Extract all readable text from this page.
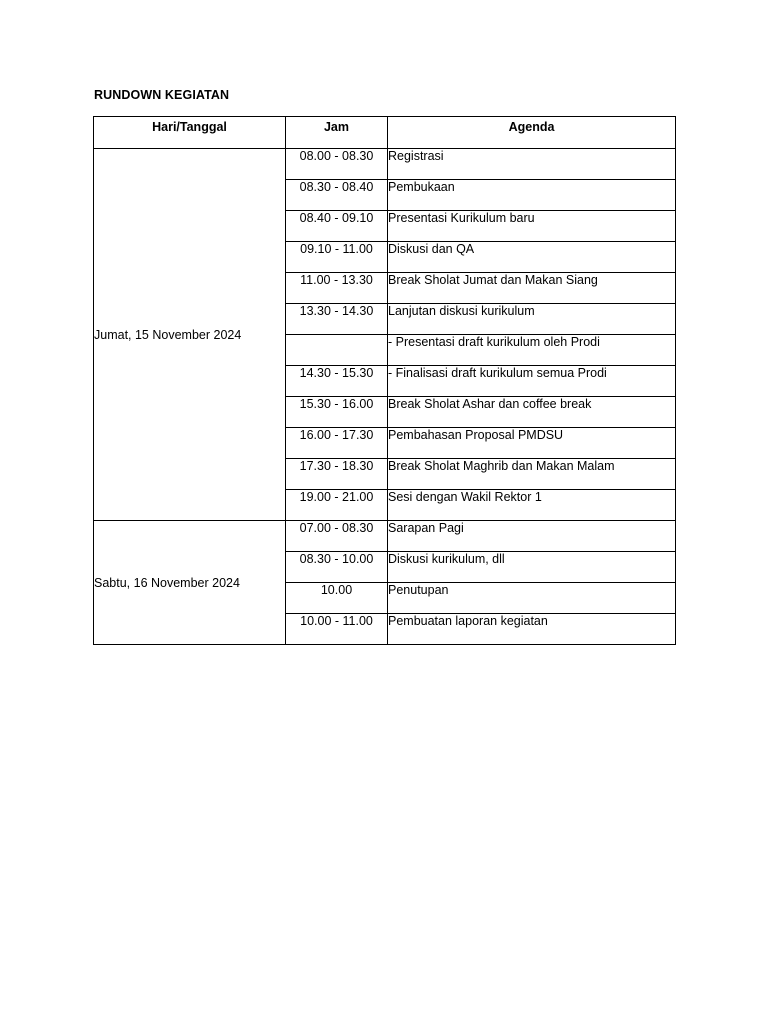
RUNDOWN KEGIATAN
Hari/Tanggal	Jam	Agenda
Jumat, 15 November 2024	08.00 - 08.30	Registrasi
	08.30 - 08.40	Pembukaan
	08.40 - 09.10	Presentasi Kurikulum baru
	09.10 - 11.00	Diskusi dan QA
	11.00 - 13.30	Break Sholat Jumat dan Makan Siang
	13.30 - 14.30	Lanjutan diskusi kurikulum
		- Presentasi draft kurikulum oleh Prodi
	14.30 - 15.30	- Finalisasi draft kurikulum semua Prodi
	15.30 - 16.00	Break Sholat Ashar dan coffee break
	16.00 - 17.30	Pembahasan Proposal PMDSU
	17.30 - 18.30	Break Sholat Maghrib dan Makan Malam
	19.00 - 21.00	Sesi dengan Wakil Rektor 1
Sabtu, 16 November 2024	07.00 - 08.30	Sarapan Pagi
	08.30 - 10.00	Diskusi kurikulum, dll
	10.00	Penutupan
	10.00 - 11.00	Pembuatan laporan kegiatan
